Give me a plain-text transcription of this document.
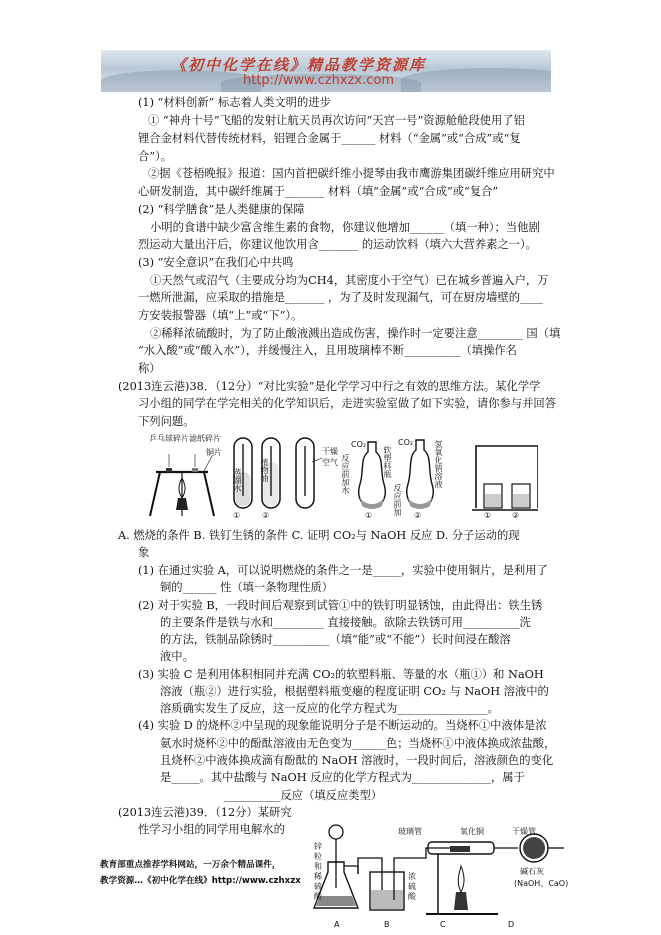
《初中化学在线》精品教学资源库
http://www.czhxzx.com
(1) “材料创新” 标志着人类文明的进步
① “神舟十号”飞船的发射让航天员再次访问“天宫一号”资源舱舱段使用了铝
锂合金材料代替传统材料，铝锂合金属于______ 材料（“金属”或“合成”或“复
合”）。
②据《苍梧晚报》报道：国内首把碳纤维小提琴由我市鹰游集团碳纤维应用研究中
心研发制造，其中碳纤维属于_______ 材料（填“金属”或“合成”或“复合”
(2) “科学膳食”是人类健康的保障
小明的食谱中缺少富含维生素的食物，你建议他增加______（填一种）；当他剧
烈运动大量出汗后，你建议他饮用含_______ 的运动饮料（填六大营养素之一）。
(3) “安全意识”在我们心中共鸣
①天然气或沼气（主要成分均为CH4，其密度小于空气）已在城乡普遍入户，万
一燃所泄漏，应采取的措施是_______ ，为了及时发现漏气，可在厨房墙壁的____
方安装报警器（填“上”或“下”）。
②稀释浓硫酸时，为了防止酸液溅出造成伤害，操作时一定要注意________ 国（填
“水入酸”或“酸入水”），并缓慢注入，且用玻璃棒不断__________（填操作名
称）
(2013连云港)38．（12分）“对比实验”是化学学习中行之有效的思维方法。某化学学
习小组的同学在学完相关的化学知识后，走进实验室做了如下实验，请你参与并回答
下列问题。
乒乓球碎片 滤纸碎片
铜片
蒸馏水 植物油
干燥空气
①	②
CO₂	CO₂
反应前加水	软塑料瓶
反应前加
氢氧化钠溶液
①	②	①	②
A. 燃烧的条件 B. 铁钉生锈的条件 C. 证明 CO₂与 NaOH 反应 D. 分子运动的现
象
(1) 在通过实验 A，可以说明燃烧的条件之一是_____，实验中使用铜片，是利用了
铜的______ 性（填一条物理性质）
(2) 对于实验 B，一段时间后观察到试管①中的铁钉明显锈蚀，由此得出：铁生锈
的主要条件是铁与水和_________ 直接接触。欲除去铁锈可用__________洗
的方法，铁制品除锈时__________（填“能”或“不能”）长时间浸在酸溶
液中。
(3) 实验 C 是利用体积相同并充满 CO₂的软塑料瓶、等量的水（瓶①）和 NaOH
溶液（瓶②）进行实验，根据塑料瓶变瘪的程度证明 CO₂ 与 NaOH 溶液中的
溶质确实发生了反应，这一反应的化学方程式为________________。
(4) 实验 D 的烧杯②中呈现的现象能说明分子是不断运动的。当烧杯①中液体是浓
氨水时烧杯②中的酚酞溶液由无色变为______色；当烧杯①中液体换成浓盐酸，
且烧杯②中液体换成滴有酚酞的 NaOH 溶液时，一段时间后，溶液颜色的变化
是_____。其中盐酸与 NaOH 反应的化学方程式为______________，属于
__________反应（填反应类型）
(2013连云港)39．（12分）某研究
性学习小组的同学用电解水的
锌粒和稀硫酸
玻璃管	氧化铜	干燥管
浓硫酸
碱石灰
(NaOH、CaO)
A	B	C	D
教育部重点推荐学科网站，一万余个精品课件，
教学资源…《初中化学在线》http://www.czhxzx
